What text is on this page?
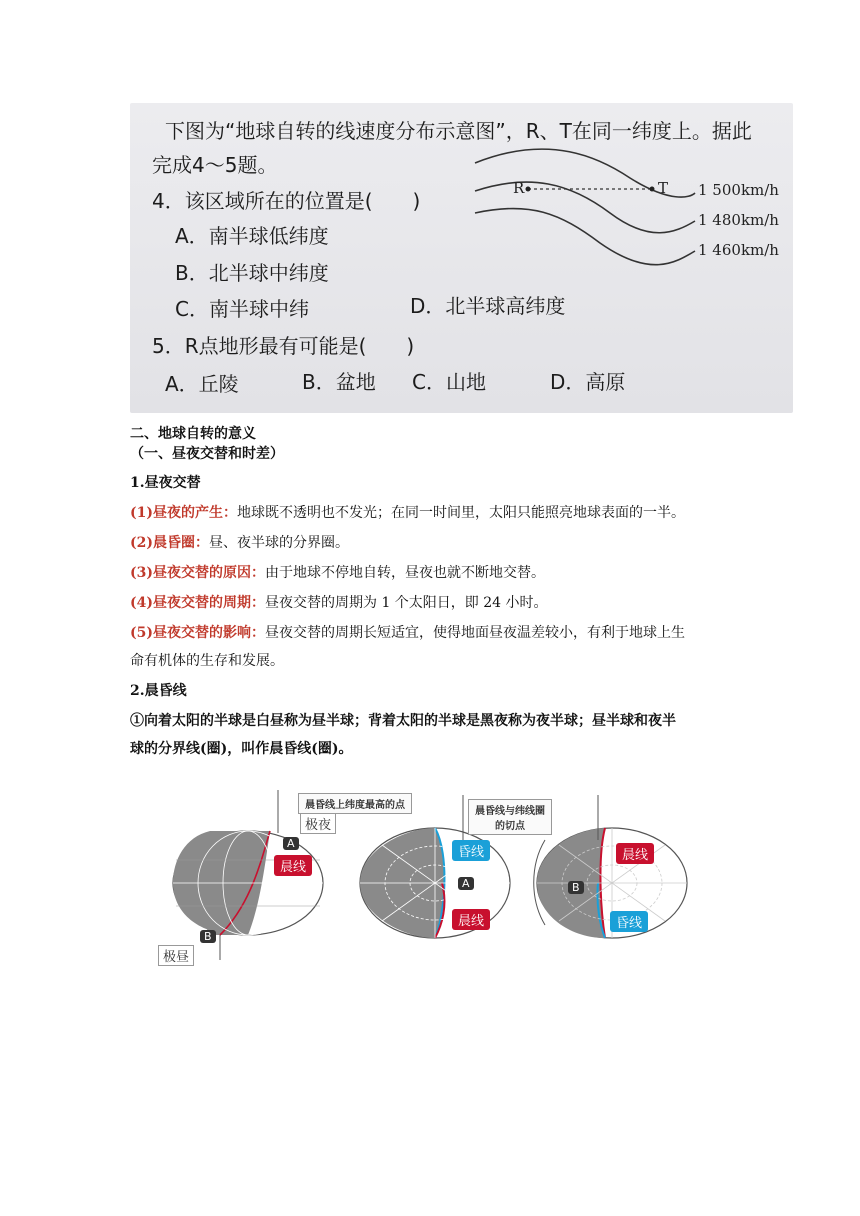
下图为“地球自转的线速度分布示意图”，R、T在同一纬度上。据此
完成4～5题。
4．该区域所在的位置是(　　)
A．南半球低纬度
B．北半球中纬度
C．南半球中纬	D．北半球高纬度
5．R点地形最有可能是(　　)
A．丘陵	B．盆地 C．山地	D．高原
R	T 1 500km/h
1 480km/h
1 460km/h
二、地球自转的意义
（一、昼夜交替和时差）
1.昼夜交替
(1)昼夜的产生：地球既不透明也不发光；在同一时间里，太阳只能照亮地球表面的一半。
(2)晨昏圈：昼、夜半球的分界圈。
(3)昼夜交替的原因：由于地球不停地自转，昼夜也就不断地交替。
(4)昼夜交替的周期：昼夜交替的周期为 1 个太阳日，即 24 小时。
(5)昼夜交替的影响：昼夜交替的周期长短适宜，使得地面昼夜温差较小，有利于地球上生
命有机体的生存和发展。
2.晨昏线
①向着太阳的半球是白昼称为昼半球；背着太阳的半球是黑夜称为夜半球；昼半球和夜半
球的分界线(圈)，叫作晨昏线(圈)。
晨昏线上纬度最高的点
极夜
极昼
晨线
A
B
晨昏线与纬线圈
的切点
昏线
A
晨线
晨线
B
昏线
